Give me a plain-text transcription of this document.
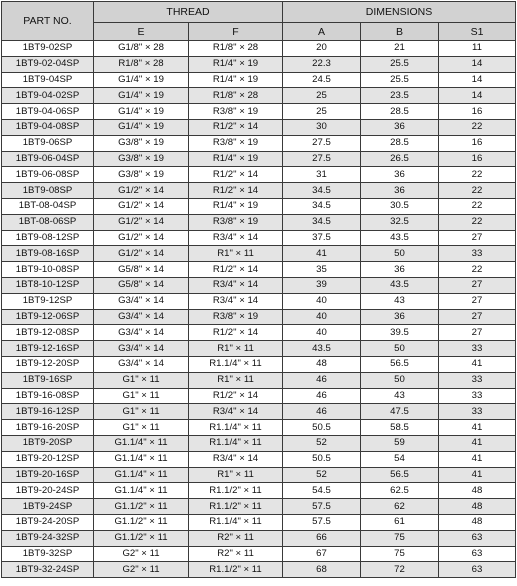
PART NO.	THREAD		DIMENSIONS		
	E	F	A	B	S1
1BT9-02SP	G1/8" × 28	R1/8" × 28	20	21	11
1BT9-02-04SP	R1/8" × 28	R1/4" × 19	22.3	25.5	14
1BT9-04SP	G1/4" × 19	R1/4" × 19	24.5	25.5	14
1BT9-04-02SP	G1/4" × 19	R1/8" × 28	25	23.5	14
1BT9-04-06SP	G1/4" × 19	R3/8" × 19	25	28.5	16
1BT9-04-08SP	G1/4" × 19	R1/2" × 14	30	36	22
1BT9-06SP	G3/8" × 19	R3/8" × 19	27.5	28.5	16
1BT9-06-04SP	G3/8" × 19	R1/4" × 19	27.5	26.5	16
1BT9-06-08SP	G3/8" × 19	R1/2" × 14	31	36	22
1BT9-08SP	G1/2" × 14	R1/2" × 14	34.5	36	22
1BT-08-04SP	G1/2" × 14	R1/4" × 19	34.5	30.5	22
1BT-08-06SP	G1/2" × 14	R3/8" × 19	34.5	32.5	22
1BT9-08-12SP	G1/2" × 14	R3/4" × 14	37.5	43.5	27
1BT9-08-16SP	G1/2" × 14	R1" × 11	41	50	33
1BT9-10-08SP	G5/8" × 14	R1/2" × 14	35	36	22
1BT8-10-12SP	G5/8" × 14	R3/4" × 14	39	43.5	27
1BT9-12SP	G3/4" × 14	R3/4" × 14	40	43	27
1BT9-12-06SP	G3/4" × 14	R3/8" × 19	40	36	27
1BT9-12-08SP	G3/4" × 14	R1/2" × 14	40	39.5	27
1BT9-12-16SP	G3/4" × 14	R1" × 11	43.5	50	33
1BT9-12-20SP	G3/4" × 14	R1.1/4" × 11	48	56.5	41
1BT9-16SP	G1" × 11	R1" × 11	46	50	33
1BT9-16-08SP	G1" × 11	R1/2" × 14	46	43	33
1BT9-16-12SP	G1" × 11	R3/4" × 14	46	47.5	33
1BT9-16-20SP	G1" × 11	R1.1/4" × 11	50.5	58.5	41
1BT9-20SP	G1.1/4" × 11	R1.1/4" × 11	52	59	41
1BT9-20-12SP	G1.1/4" × 11	R3/4" × 14	50.5	54	41
1BT9-20-16SP	G1.1/4" × 11	R1" × 11	52	56.5	41
1BT9-20-24SP	G1.1/4" × 11	R1.1/2" × 11	54.5	62.5	48
1BT9-24SP	G1.1/2" × 11	R1.1/2" × 11	57.5	62	48
1BT9-24-20SP	G1.1/2" × 11	R1.1/4" × 11	57.5	61	48
1BT9-24-32SP	G1.1/2" × 11	R2" × 11	66	75	63
1BT9-32SP	G2" × 11	R2" × 11	67	75	63
1BT9-32-24SP	G2" × 11	R1.1/2" × 11	68	72	63
